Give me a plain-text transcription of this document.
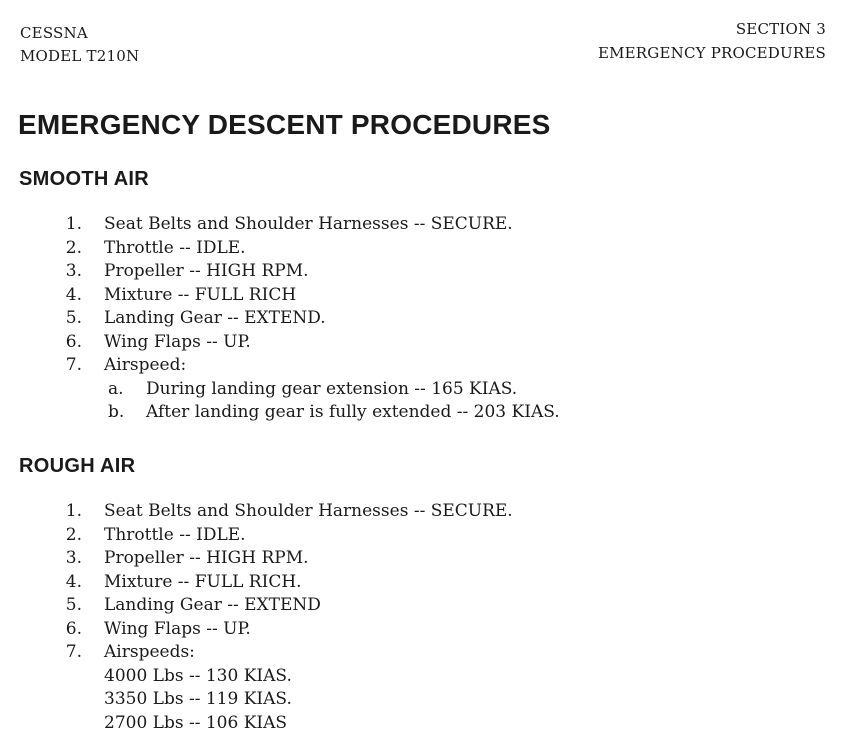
CESSNA
MODEL T210N
SECTION 3
EMERGENCY PROCEDURES
EMERGENCY DESCENT PROCEDURES
SMOOTH AIR
1. Seat Belts and Shoulder Harnesses -- SECURE.
2. Throttle -- IDLE.
3. Propeller -- HIGH RPM.
4. Mixture -- FULL RICH
5. Landing Gear -- EXTEND.
6. Wing Flaps -- UP.
7. Airspeed:
a. During landing gear extension -- 165 KIAS.
b. After landing gear is fully extended -- 203 KIAS.
ROUGH AIR
1. Seat Belts and Shoulder Harnesses -- SECURE.
2. Throttle -- IDLE.
3. Propeller -- HIGH RPM.
4. Mixture -- FULL RICH.
5. Landing Gear -- EXTEND
6. Wing Flaps -- UP.
7. Airspeeds:
4000 Lbs -- 130 KIAS.
3350 Lbs -- 119 KIAS.
2700 Lbs -- 106 KIAS
